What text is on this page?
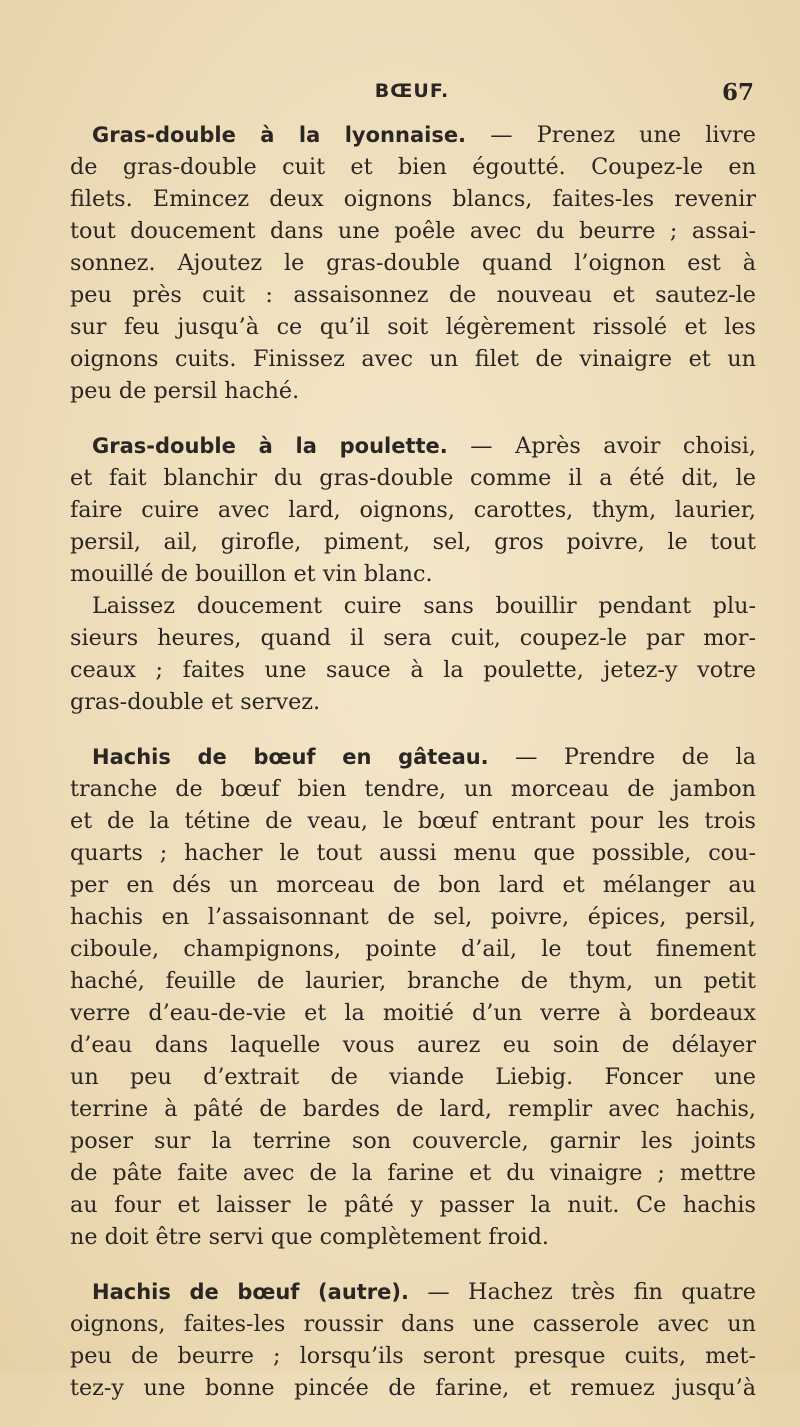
BŒUF.	67
Gras-double à la lyonnaise. — Prenez une livre
de gras-double cuit et bien égoutté. Coupez-le en
filets. Emincez deux oignons blancs, faites-les revenir
tout doucement dans une poêle avec du beurre ; assai-
sonnez. Ajoutez le gras-double quand l’oignon est à
peu près cuit : assaisonnez de nouveau et sautez-le
sur feu jusqu’à ce qu’il soit légèrement rissolé et les
oignons cuits. Finissez avec un filet de vinaigre et un
peu de persil haché.
Gras-double à la poulette. — Après avoir choisi,
et fait blanchir du gras-double comme il a été dit, le
faire cuire avec lard, oignons, carottes, thym, laurier,
persil, ail, girofle, piment, sel, gros poivre, le tout
mouillé de bouillon et vin blanc.
Laissez doucement cuire sans bouillir pendant plu-
sieurs heures, quand il sera cuit, coupez-le par mor-
ceaux ; faites une sauce à la poulette, jetez-y votre
gras-double et servez.
Hachis de bœuf en gâteau. — Prendre de la
tranche de bœuf bien tendre, un morceau de jambon
et de la tétine de veau, le bœuf entrant pour les trois
quarts ; hacher le tout aussi menu que possible, cou-
per en dés un morceau de bon lard et mélanger au
hachis en l’assaisonnant de sel, poivre, épices, persil,
ciboule, champignons, pointe d’ail, le tout finement
haché, feuille de laurier, branche de thym, un petit
verre d’eau-de-vie et la moitié d’un verre à bordeaux
d’eau dans laquelle vous aurez eu soin de délayer
un peu d’extrait de viande Liebig. Foncer une
terrine à pâté de bardes de lard, remplir avec hachis,
poser sur la terrine son couvercle, garnir les joints
de pâte faite avec de la farine et du vinaigre ; mettre
au four et laisser le pâté y passer la nuit. Ce hachis
ne doit être servi que complètement froid.
Hachis de bœuf (autre). — Hachez très fin quatre
oignons, faites-les roussir dans une casserole avec un
peu de beurre ; lorsqu’ils seront presque cuits, met-
tez-y une bonne pincée de farine, et remuez jusqu’à
